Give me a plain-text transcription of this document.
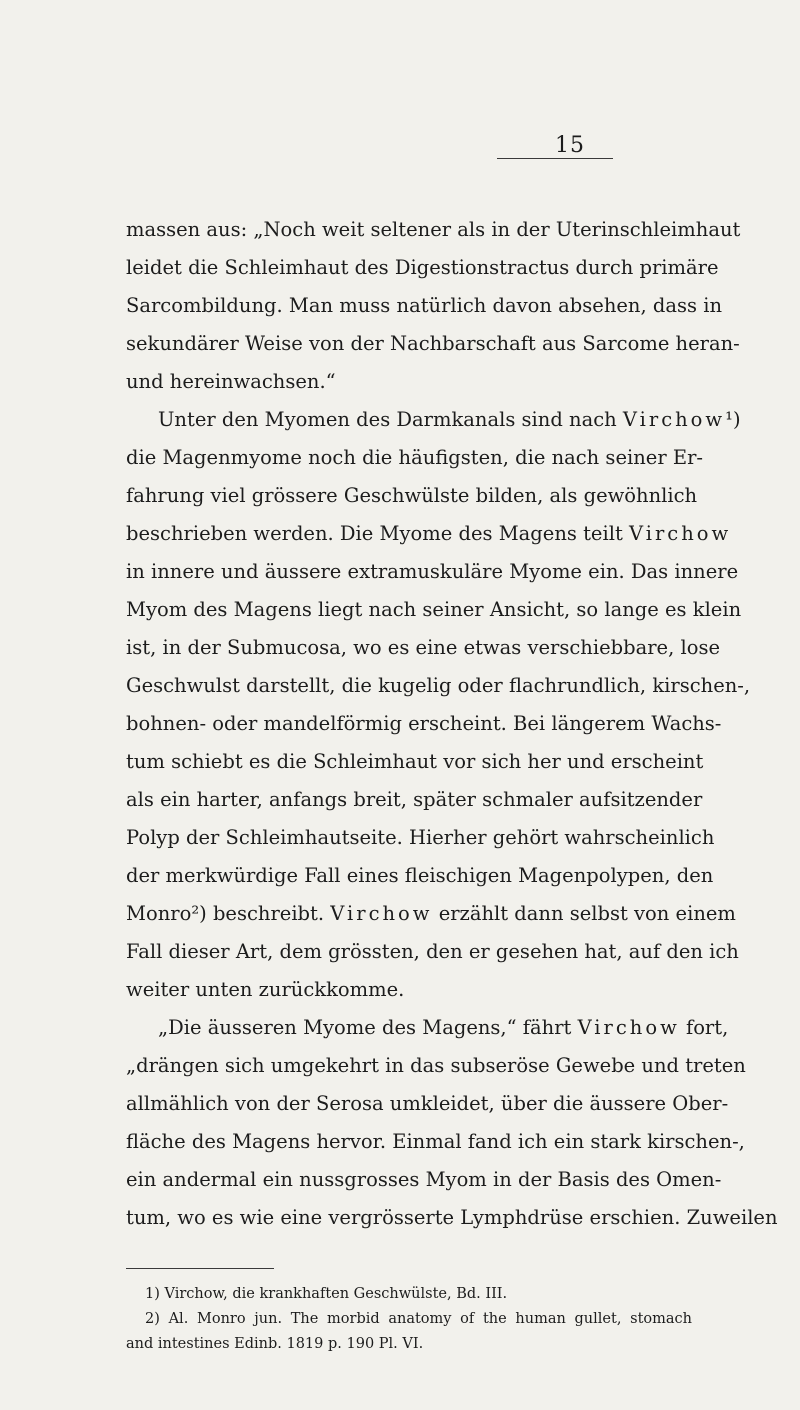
15
massen aus: „Noch weit seltener als in der Uterinschleimhaut
leidet die Schleimhaut des Digestionstractus durch primäre
Sarcombildung. Man muss natürlich davon absehen, dass in
sekundärer Weise von der Nachbarschaft aus Sarcome heran-
und hereinwachsen.“
Unter den Myomen des Darmkanals sind nach Virchow¹)
die Magenmyome noch die häufigsten, die nach seiner Er-
fahrung viel grössere Geschwülste bilden, als gewöhnlich
beschrieben werden. Die Myome des Magens teilt Virchow
in innere und äussere extramuskuläre Myome ein. Das innere
Myom des Magens liegt nach seiner Ansicht, so lange es klein
ist, in der Submucosa, wo es eine etwas verschiebbare, lose
Geschwulst darstellt, die kugelig oder flachrundlich, kirschen-,
bohnen- oder mandelförmig erscheint. Bei längerem Wachs-
tum schiebt es die Schleimhaut vor sich her und erscheint
als ein harter, anfangs breit, später schmaler aufsitzender
Polyp der Schleimhautseite. Hierher gehört wahrscheinlich
der merkwürdige Fall eines fleischigen Magenpolypen, den
Monro²) beschreibt. Virchow erzählt dann selbst von einem
Fall dieser Art, dem grössten, den er gesehen hat, auf den ich
weiter unten zurückkomme.
„Die äusseren Myome des Magens,“ fährt Virchow fort,
„drängen sich umgekehrt in das subseröse Gewebe und treten
allmählich von der Serosa umkleidet, über die äussere Ober-
fläche des Magens hervor. Einmal fand ich ein stark kirschen-,
ein andermal ein nussgrosses Myom in der Basis des Omen-
tum, wo es wie eine vergrösserte Lymphdrüse erschien. Zuweilen
1) Virchow, die krankhaften Geschwülste, Bd. III.
2) Al. Monro jun. The morbid anatomy of the human gullet, stomach
and intestines Edinb. 1819 p. 190 Pl. VI.
